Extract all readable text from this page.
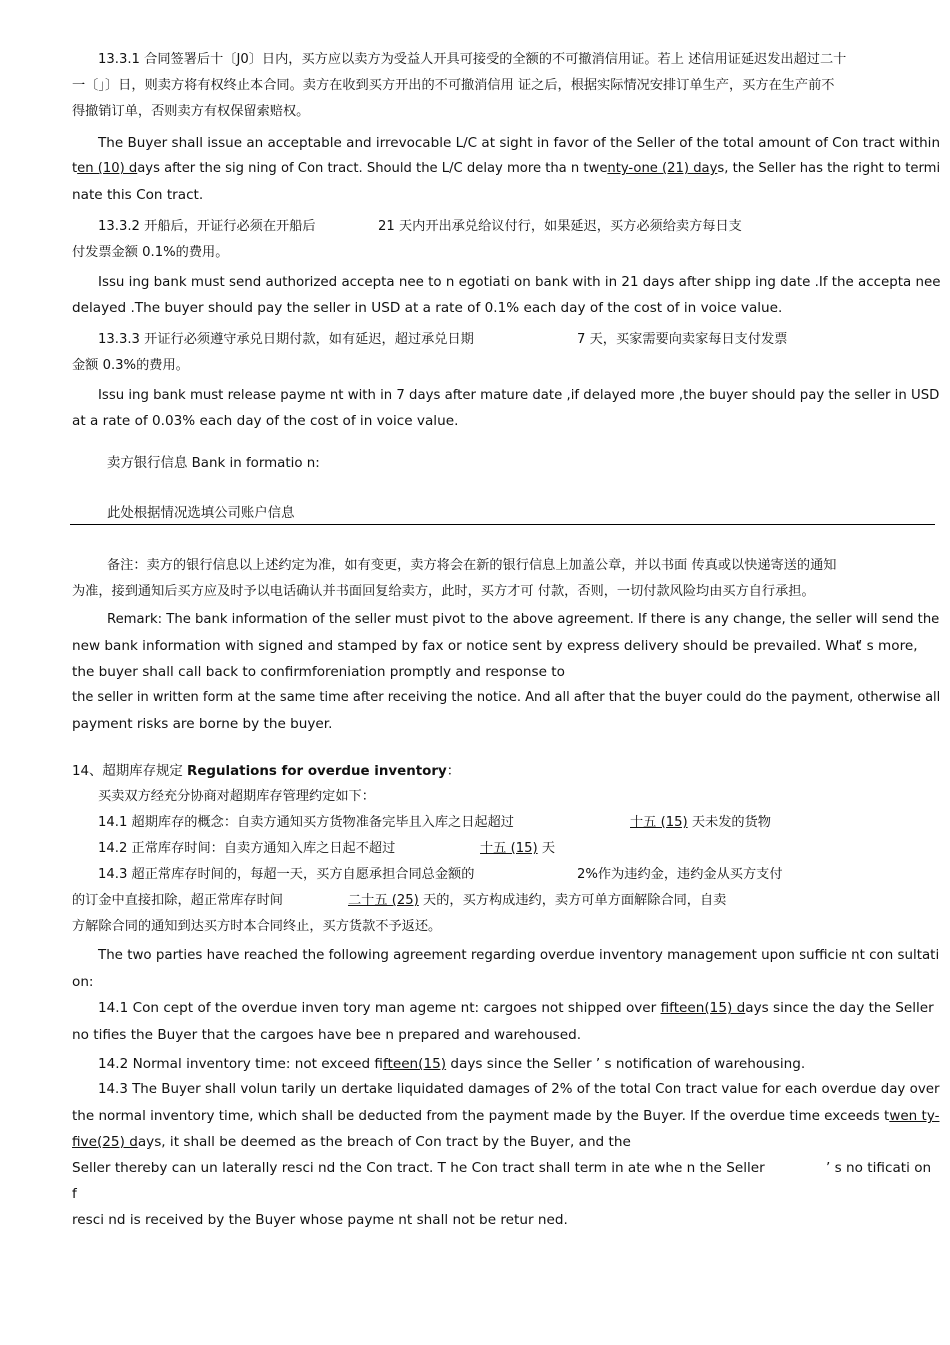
13.3.1 合同签署后十〔J0〕日内，买方应以卖方为受益人开具可接受的全额的不可撤消信用证。若上 述信用证延迟发出超过二十
一〔」〕日，则卖方将有权终止本合同。卖方在收到买方开出的不可撤消信用 证之后，根据实际情况安排订单生产，买方在生产前不
得撤销订单，否则卖方有权保留索赔权。
The Buyer shall issue an acceptable and irrevocable L/C at sight in favor of the Seller of the total amount of Con tract within
ten (10) days after the sig ning of Con tract. Should the L/C delay more tha n twenty-one (21) days, the Seller has the right to termi
nate this Con tract.
13.3.2 开船后，开证行必须在开船后	21 天内开出承兑给议付行，如果延迟，买方必须给卖方每日支
付发票金额 0.1%的费用。
Issu ing bank must send authorized accepta nee to n egotiati on bank with in 21 days after shipp ing date .If the accepta nee
delayed .The buyer should pay the seller in USD at a rate of 0.1% each day of the cost of in voice value.
13.3.3 开证行必须遵守承兑日期付款，如有延迟，超过承兑日期	7 天，买家需要向卖家每日支付发票
金额 0.3%的费用。
Issu ing bank must release payme nt with in 7 days after mature date ,if delayed more ,the buyer should pay the seller in USD
at a rate of 0.03% each day of the cost of in voice value.
卖方银行信息 Bank in formatio n:
此处根据情况选填公司账户信息
备注：卖方的银行信息以上述约定为准，如有变更，卖方将会在新的银行信息上加盖公章，并以书面 传真或以快递寄送的通知
为准，接到通知后买方应及时予以电话确认并书面回复给卖方，此时，买方才可 付款，否则，一切付款风险均由买方自行承担。
Remark: The bank information of the seller must pivot to the above agreement. If there is any change, the seller will send the
new bank information with signed and stamped by fax or notice sent by express delivery should be prevailed. What
’ s more,
the buyer shall call back to confirmforeniation promptly and response to
the seller in written form at the same time after receiving the notice. And all after that the buyer could do the payment, otherwise all
payment risks are borne by the buyer.
14、超期库存规定 Regulations for overdue inventory：
买卖双方经充分协商对超期库存管理约定如下：
14.1 超期库存的概念：自卖方通知买方货物准备完毕且入库之日起超过	十五 (15) 天未发的货物
14.2 正常库存时间：自卖方通知入库之日起不超过	十五 (15) 天
14.3 超正常库存时间的，每超一天，买方自愿承担合同总金额的	2%作为违约金，违约金从买方支付
的订金中直接扣除，超正常库存时间	二十五 (25) 天的，买方构成违约，卖方可单方面解除合同，自卖
方解除合同的通知到达买方时本合同终止，买方货款不予返还。
The two parties have reached the following agreement regarding overdue inventory management upon sufficie nt con sultati
on:
14.1 Con cept of the overdue inven tory man ageme nt: cargoes not shipped over fifteen(15) days since the day the Seller
no tifies the Buyer that the cargoes have bee n prepared and warehoused.
14.2 Normal inventory time: not exceed fifteen(15) days since the Seller ’ s notification of warehousing.
14.3 The Buyer shall volun tarily un dertake liquidated damages of 2% of the total Con tract value for each overdue day over
the normal inventory time, which shall be deducted from the payment made by the Buyer. If the overdue time exceeds twen ty-
five(25) days, it shall be deemed as the breach of Con tract by the Buyer, and the
Seller thereby can un laterally resci nd the Con tract. T he Con tract shall term in ate whe n the Seller	’ s no tificati on
f
resci nd is received by the Buyer whose payme nt shall not be retur ned.
